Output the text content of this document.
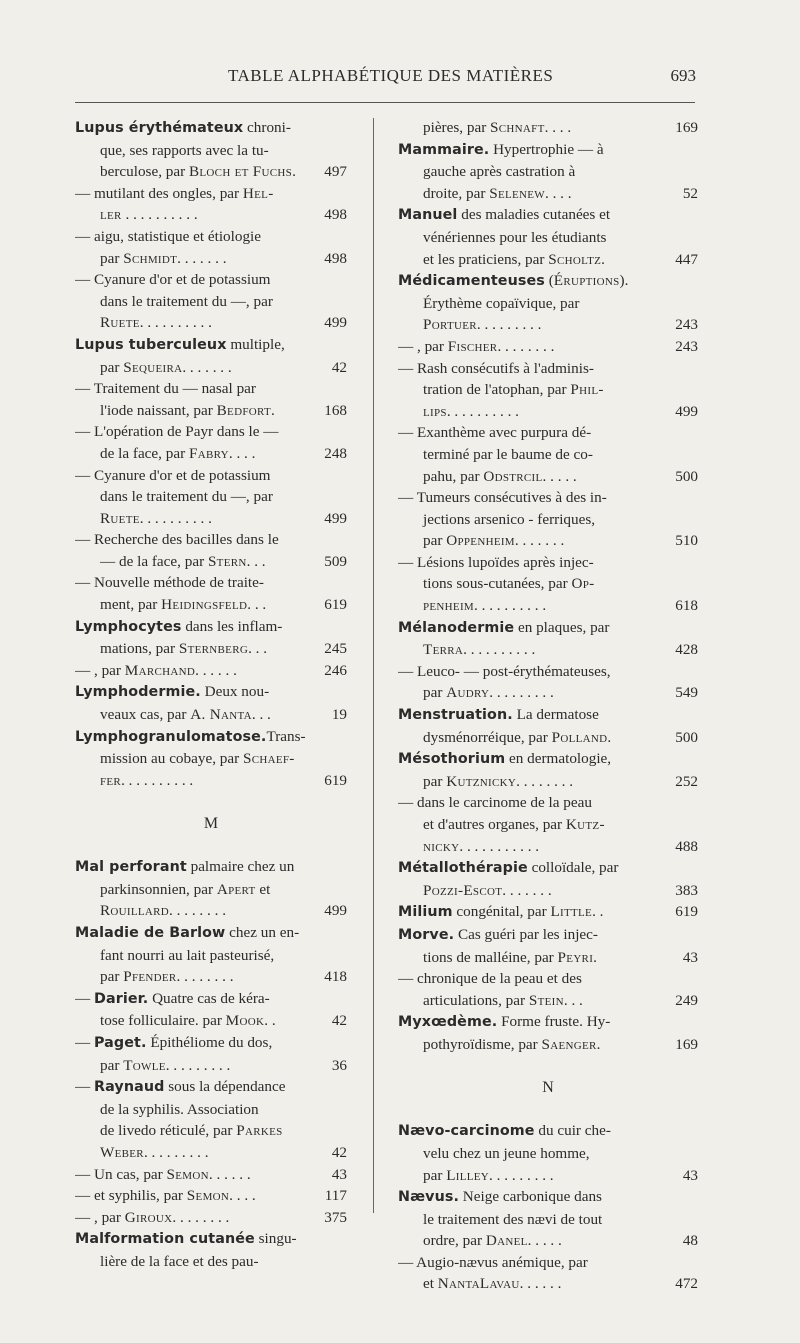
TABLE ALPHABÉTIQUE DES MATIÈRES	693
Lupus érythémateux chroni-
que, ses rapports avec la tu-
berculose, par Bloch et Fuchs. 497
— mutilant des ongles, par Hel-
ler . . . . . . . . . .	498
— aigu, statistique et étiologie
par Schmidt. . . . . . .	498
— Cyanure d'or et de potassium
dans le traitement du —, par
Ruete. . . . . . . . . .	499
Lupus tuberculeux multiple,
par Sequeira. . . . . . .	42
— Traitement du — nasal par
l'iode naissant, par Bedfort.	168
— L'opération de Payr dans le —
de la face, par Fabry. . . .	248
— Cyanure d'or et de potassium
dans le traitement du —, par
Ruete. . . . . . . . . .	499
— Recherche des bacilles dans le
— de la face, par Stern. . .	509
— Nouvelle méthode de traite-
ment, par Heidingsfeld. . .	619
Lymphocytes dans les inflam-
mations, par Sternberg. . .	245
— , par Marchand. . . . . .	246
Lymphodermie. Deux nou-
veaux cas, par A. Nanta. . .	19
Lymphogranulomatose.Trans-
mission au cobaye, par Schaef-
fer. . . . . . . . . .	619
M
Mal perforant palmaire chez un
parkinsonnien, par Apert et
Rouillard. . . . . . . .	499
Maladie de Barlow chez un en-
fant nourri au lait pasteurisé,
par Pfender. . . . . . . .	418
— Darier. Quatre cas de kéra-
tose folliculaire. par Mook. .	42
— Paget. Épithéliome du dos,
par Towle. . . . . . . . .	36
— Raynaud sous la dépendance
de la syphilis. Association
de livedo réticulé, par Parkes
Weber. . . . . . . . .	42
— Un cas, par Semon. . . . . .	43
— et syphilis, par Semon. . . .	117
— , par Giroux. . . . . . . .	375
Malformation cutanée singu-
lière de la face et des pau-
pières, par Schnaft. . . .	169
Mammaire. Hypertrophie — à
gauche après castration à
droite, par Selenew. . . .	52
Manuel des maladies cutanées et
vénériennes pour les étudiants
et les praticiens, par Scholtz.	447
Médicamenteuses (Éruptions).
Érythème copaïvique, par
Portuer. . . . . . . . .	243
— , par Fischer. . . . . . . .	243
— Rash consécutifs à l'adminis-
tration de l'atophan, par Phil-
lips. . . . . . . . . .	499
— Exanthème avec purpura dé-
terminé par le baume de co-
pahu, par Odstrcil. . . . .	500
— Tumeurs consécutives à des in-
jections arsenico - ferriques,
par Oppenheim. . . . . . .	510
— Lésions lupoïdes après injec-
tions sous-cutanées, par Op-
penheim. . . . . . . . . .	618
Mélanodermie en plaques, par
Terra. . . . . . . . . .	428
— Leuco- — post-érythémateuses,
par Audry. . . . . . . . .	549
Menstruation. La dermatose
dysménorréique, par Polland.	500
Mésothorium en dermatologie,
par Kutznicky. . . . . . . .	252
— dans le carcinome de la peau
et d'autres organes, par Kutz-
nicky. . . . . . . . . . .	488
Métallothérapie colloïdale, par
Pozzi-Escot. . . . . . .	383
Milium congénital, par Little. .	619
Morve. Cas guéri par les injec-
tions de malléine, par Peyri.	43
— chronique de la peau et des
articulations, par Stein. . .	249
Myxœdème. Forme fruste. Hy-
pothyroïdisme, par Saenger.	169
N
Nævo-carcinome du cuir che-
velu chez un jeune homme,
par Lilley. . . . . . . . .	43
Nævus. Neige carbonique dans
le traitement des nævi de tout
ordre, par Danel. . . . .	48
— Augio-nævus anémique, par
et NantaLavau. . . . . .	472
